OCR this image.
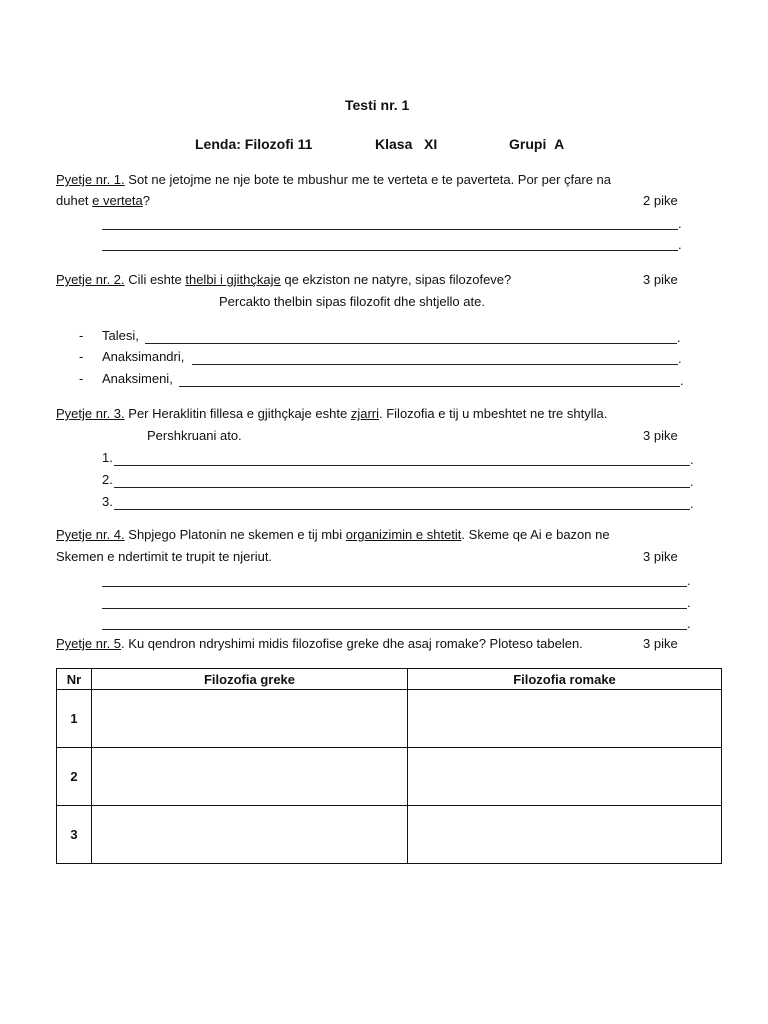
Testi nr. 1
Lenda: Filozofi 11	Klasa XI	Grupi A
Pyetje nr. 1. Sot ne jetojme ne nje bote te mbushur me te verteta e te paverteta. Por per çfare na
duhet e verteta?	2 pike
.
.
Pyetje nr. 2. Cili eshte thelbi i gjithçkaje qe ekziston ne natyre, sipas filozofeve?	3 pike
Percakto thelbin sipas filozofit dhe shtjello ate.
- Talesi,	.
- Anaksimandri,	.
- Anaksimeni,	.
Pyetje nr. 3. Per Heraklitin fillesa e gjithçkaje eshte zjarri. Filozofia e tij u mbeshtet ne tre shtylla.
Pershkruani ato.	3 pike
1.	.
2.	.
3.	.
Pyetje nr. 4. Shpjego Platonin ne skemen e tij mbi organizimin e shtetit. Skeme qe Ai e bazon ne
Skemen e ndertimit te trupit te njeriut.	3 pike
.
.
.
Pyetje nr. 5. Ku qendron ndryshimi midis filozofise greke dhe asaj romake? Ploteso tabelen.	3 pike
Nr	Filozofia greke	Filozofia romake
1		
2		
3		
